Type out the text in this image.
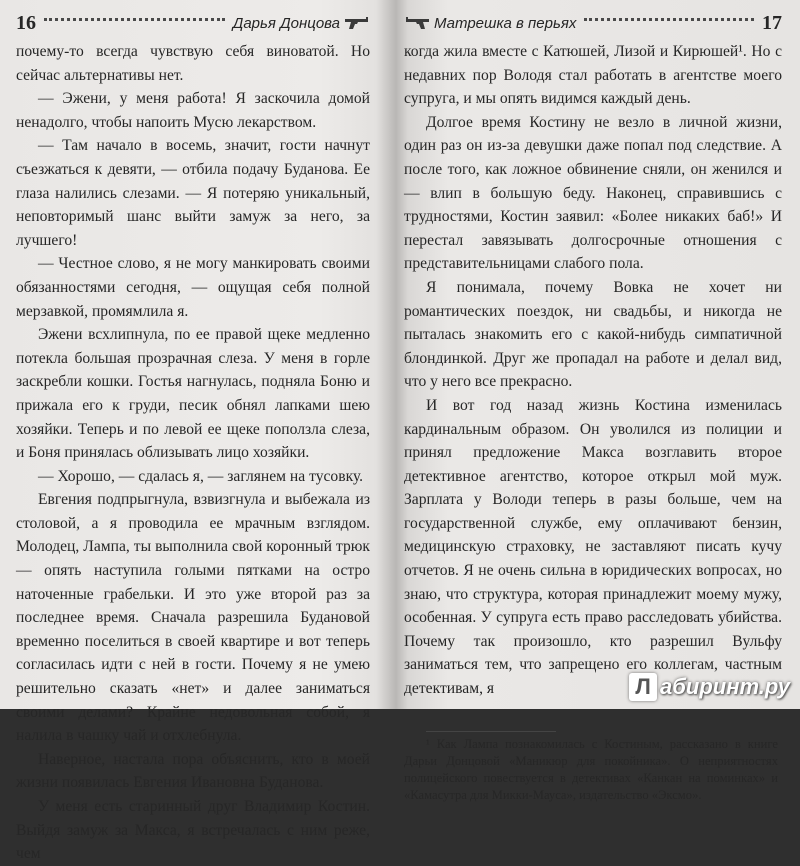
16	Дарья Донцова

почему-то всегда чувствую себя виноватой. Но сейчас альтернативы нет.

— Эжени, у меня работа! Я заскочила домой ненадолго, чтобы напоить Мусю лекарством.

— Там начало в восемь, значит, гости начнут съезжаться к девяти, — отбила подачу Буданова. Ее глаза налились слезами. — Я потеряю уникальный, неповторимый шанс выйти замуж за него, за лучшего!

— Честное слово, я не могу манкировать своими обязанностями сегодня, — ощущая себя полной мерзавкой, промямлила я.

Эжени всхлипнула, по ее правой щеке медленно потекла большая прозрачная слеза. У меня в горле заскребли кошки. Гостья нагнулась, подняла Боню и прижала его к груди, песик обнял лапками шею хозяйки. Теперь и по левой ее щеке поползла слеза, и Боня принялась облизывать лицо хозяйки.

— Хорошо, — сдалась я, — заглянем на тусовку.

Евгения подпрыгнула, взвизгнула и выбежала из столовой, а я проводила ее мрачным взглядом. Молодец, Лампа, ты выполнила свой коронный трюк — опять наступила голыми пятками на остро наточенные грабельки. И это уже второй раз за последнее время. Сначала разрешила Будановой временно поселиться в своей квартире и вот теперь согласилась идти с ней в гости. Почему я не умею решительно сказать «нет» и далее заниматься своими делами? Крайне недовольная собой, я налила в чашку чай и отхлебнула.

Наверное, настала пора объяснить, кто в моей жизни появилась Евгения Ивановна Буданова.

У меня есть старинный друг Владимир Костин. Выйдя замуж за Макса, я встречалась с ним реже, чем

Матрешка в перьях	17

когда жила вместе с Катюшей, Лизой и Кирюшей¹. Но с недавних пор Володя стал работать в агентстве моего супруга, и мы опять видимся каждый день.

Долгое время Костину не везло в личной жизни, один раз он из-за девушки даже попал под следствие. А после того, как ложное обвинение сняли, он женился и — влип в большую беду. Наконец, справившись с трудностями, Костин заявил: «Более никаких баб!» И перестал завязывать долгосрочные отношения с представительницами слабого пола.

Я понимала, почему Вовка не хочет ни романтических поездок, ни свадьбы, и никогда не пыталась знакомить его с какой-нибудь симпатичной блондинкой. Друг же пропадал на работе и делал вид, что у него все прекрасно.

И вот год назад жизнь Костина изменилась кардинальным образом. Он уволился из полиции и принял предложение Макса возглавить второе детективное агентство, которое открыл мой муж. Зарплата у Володи теперь в разы больше, чем на государственной службе, ему оплачивают бензин, медицинскую страховку, не заставляют писать кучу отчетов. Я не очень сильна в юридических вопросах, но знаю, что структура, которая принадлежит моему мужу, особенная. У супруга есть право расследовать убийства. Почему так произошло, кто разрешил Вульфу заниматься тем, что запрещено его коллегам, частным детективам, я

¹ Как Лампа познакомилась с Костиным, рассказано в книге Дарьи Донцовой «Маникюр для покойника». О неприятностях полицейского повествуется в детективах «Канкан на поминках» и «Камасутра для Микки-Мауса», издательство «Эксмо».

Л абиринт.ру
